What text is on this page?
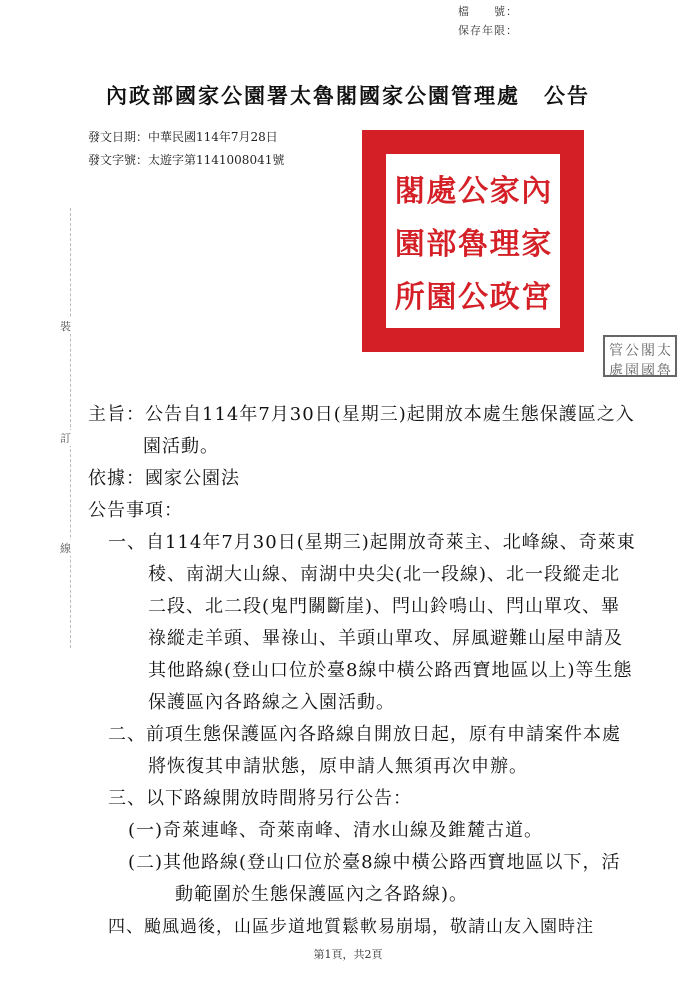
檔　　號：
保存年限：
內政部國家公園署太魯閣國家公園管理處 公告
發文日期：中華民國114年7月28日
發文字號：太遊字第1141008041號
閣 處 公 家 內
園 部 魯 理 家
所 園 公 政 宮
管 公 閣 太
處 園 國 魯
裝
訂
線
主旨：公告自114年7月30日(星期三)起開放本處生態保護區之入
園活動。
依據：國家公園法
公告事項：
一、自114年7月30日(星期三)起開放奇萊主、北峰線、奇萊東
稜、南湖大山線、南湖中央尖(北一段線)、北一段縱走北
二段、北二段(鬼門關斷崖)、閂山鈴鳴山、閂山單攻、畢
祿縱走羊頭、畢祿山、羊頭山單攻、屏風避難山屋申請及
其他路線(登山口位於臺8線中橫公路西寶地區以上)等生態
保護區內各路線之入園活動。
二、前項生態保護區內各路線自開放日起，原有申請案件本處
將恢復其申請狀態，原申請人無須再次申辦。
三、以下路線開放時間將另行公告：
(一)奇萊連峰、奇萊南峰、清水山線及錐麓古道。
(二)其他路線(登山口位於臺8線中橫公路西寶地區以下，活
動範圍於生態保護區內之各路線)。
四、颱風過後，山區步道地質鬆軟易崩塌，敬請山友入園時注
第1頁，共2頁
